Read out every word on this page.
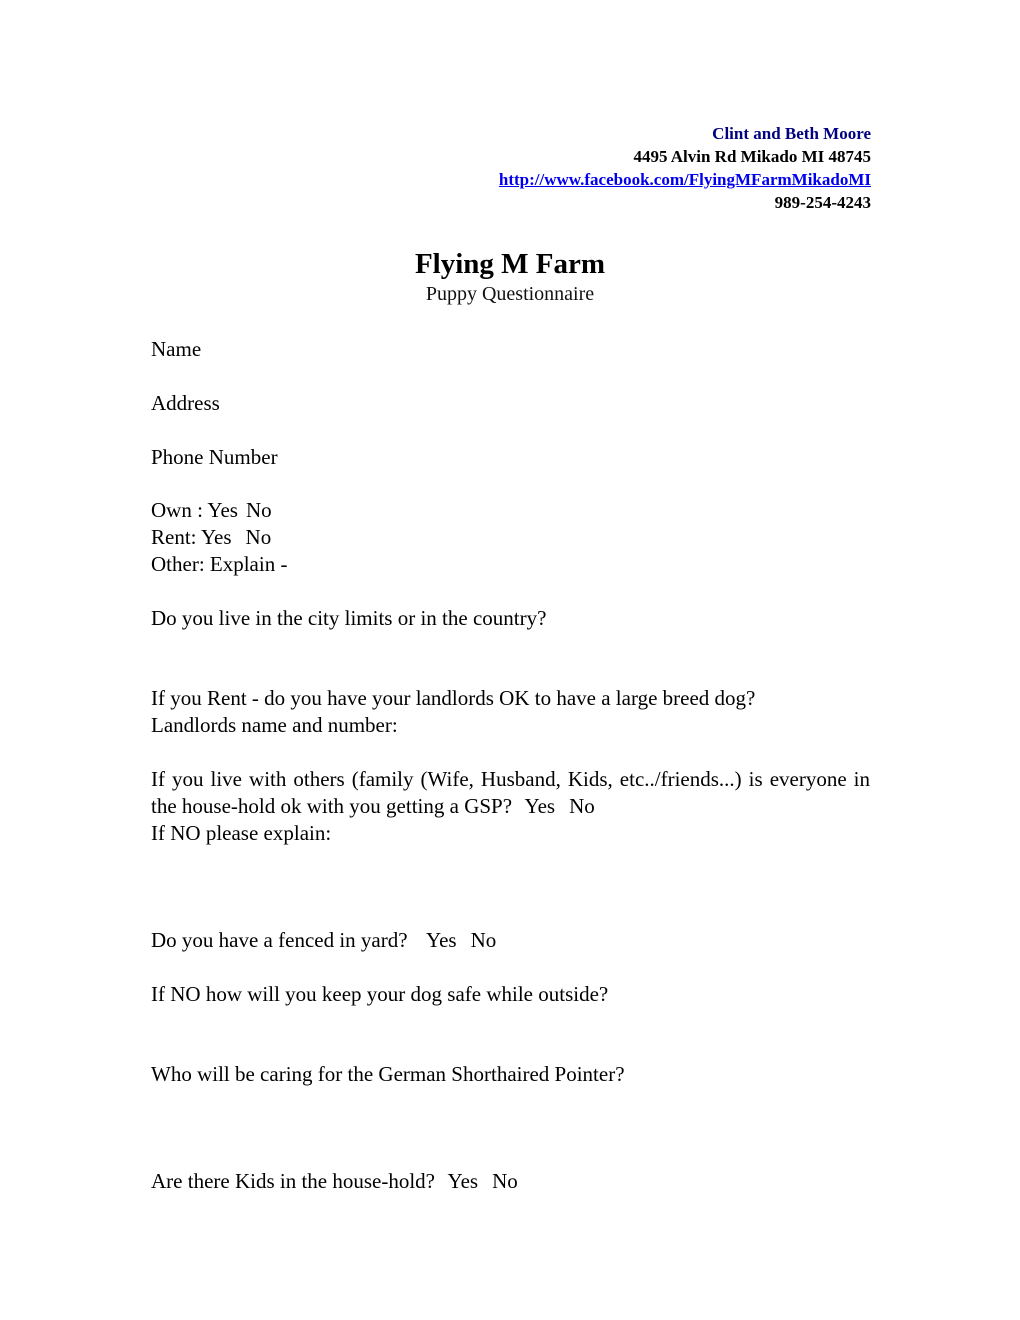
Clint and Beth Moore
4495 Alvin Rd Mikado MI 48745
http://www.facebook.com/FlyingMFarmMikadoMI
989-254-4243
Flying M Farm
Puppy Questionnaire
Name
Address
Phone Number
Own : Yes No
Rent: Yes No
Other: Explain -
Do you live in the city limits or in the country?
If you Rent - do you have your landlords OK to have a large breed dog?
Landlords name and number:
If you live with others (family (Wife, Husband, Kids, etc../friends...) is everyone in the house-hold ok with you getting a GSP? Yes No
If NO please explain:
Do you have a fenced in yard? Yes No
If NO how will you keep your dog safe while outside?
Who will be caring for the German Shorthaired Pointer?
Are there Kids in the house-hold? Yes No
